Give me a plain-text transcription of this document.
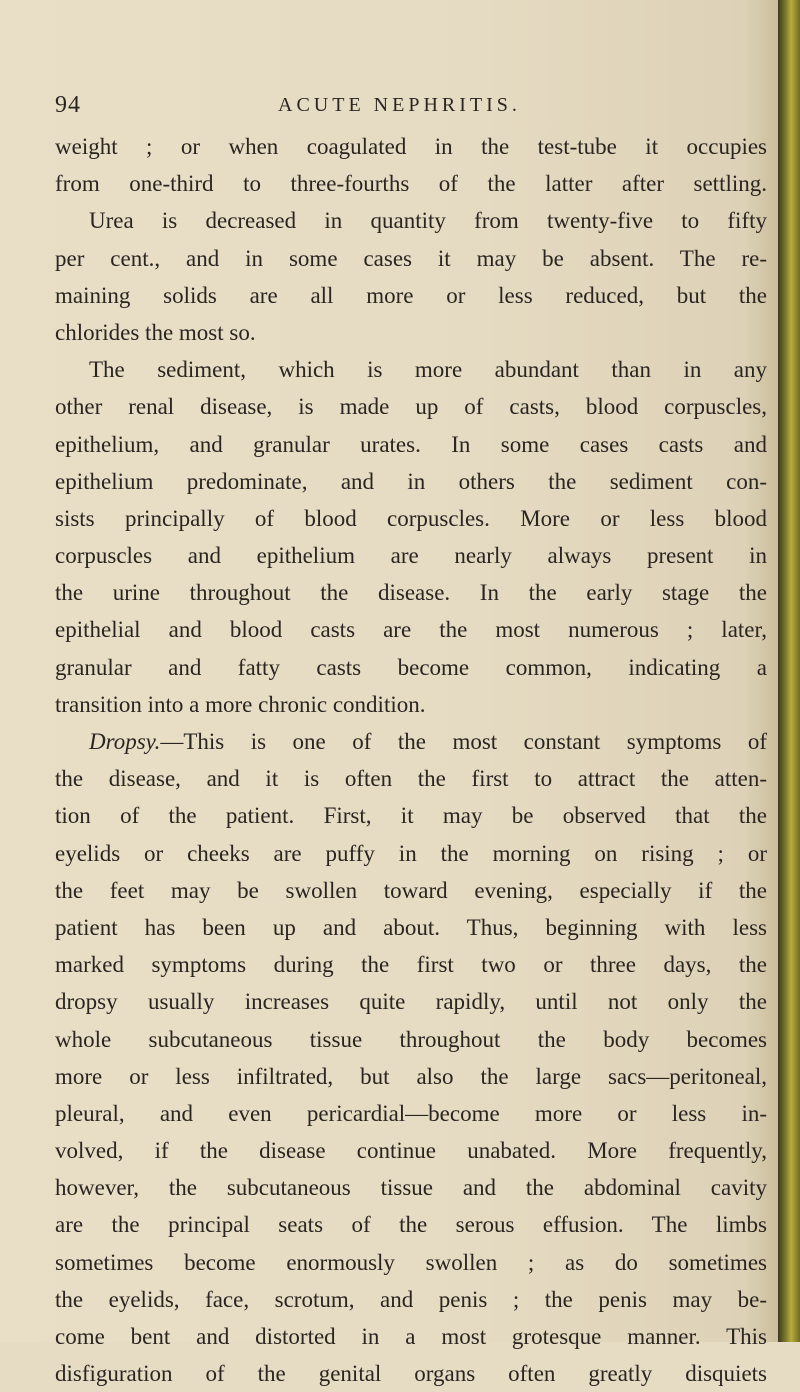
94	ACUTE NEPHRITIS.
weight ; or when coagulated in the test-tube it occupies
from one-third to three-fourths of the latter after settling.
Urea is decreased in quantity from twenty-five to fifty
per cent., and in some cases it may be absent. The re-
maining solids are all more or less reduced, but the
chlorides the most so.
The sediment, which is more abundant than in any
other renal disease, is made up of casts, blood corpuscles,
epithelium, and granular urates. In some cases casts and
epithelium predominate, and in others the sediment con-
sists principally of blood corpuscles. More or less blood
corpuscles and epithelium are nearly always present in
the urine throughout the disease. In the early stage the
epithelial and blood casts are the most numerous ; later,
granular and fatty casts become common, indicating a
transition into a more chronic condition.
Dropsy.—This is one of the most constant symptoms of
the disease, and it is often the first to attract the atten-
tion of the patient. First, it may be observed that the
eyelids or cheeks are puffy in the morning on rising ; or
the feet may be swollen toward evening, especially if the
patient has been up and about. Thus, beginning with less
marked symptoms during the first two or three days, the
dropsy usually increases quite rapidly, until not only the
whole subcutaneous tissue throughout the body becomes
more or less infiltrated, but also the large sacs—peritoneal,
pleural, and even pericardial—become more or less in-
volved, if the disease continue unabated. More frequently,
however, the subcutaneous tissue and the abdominal cavity
are the principal seats of the serous effusion. The limbs
sometimes become enormously swollen ; as do sometimes
the eyelids, face, scrotum, and penis ; the penis may be-
come bent and distorted in a most grotesque manner. This
disfiguration of the genital organs often greatly disquiets
